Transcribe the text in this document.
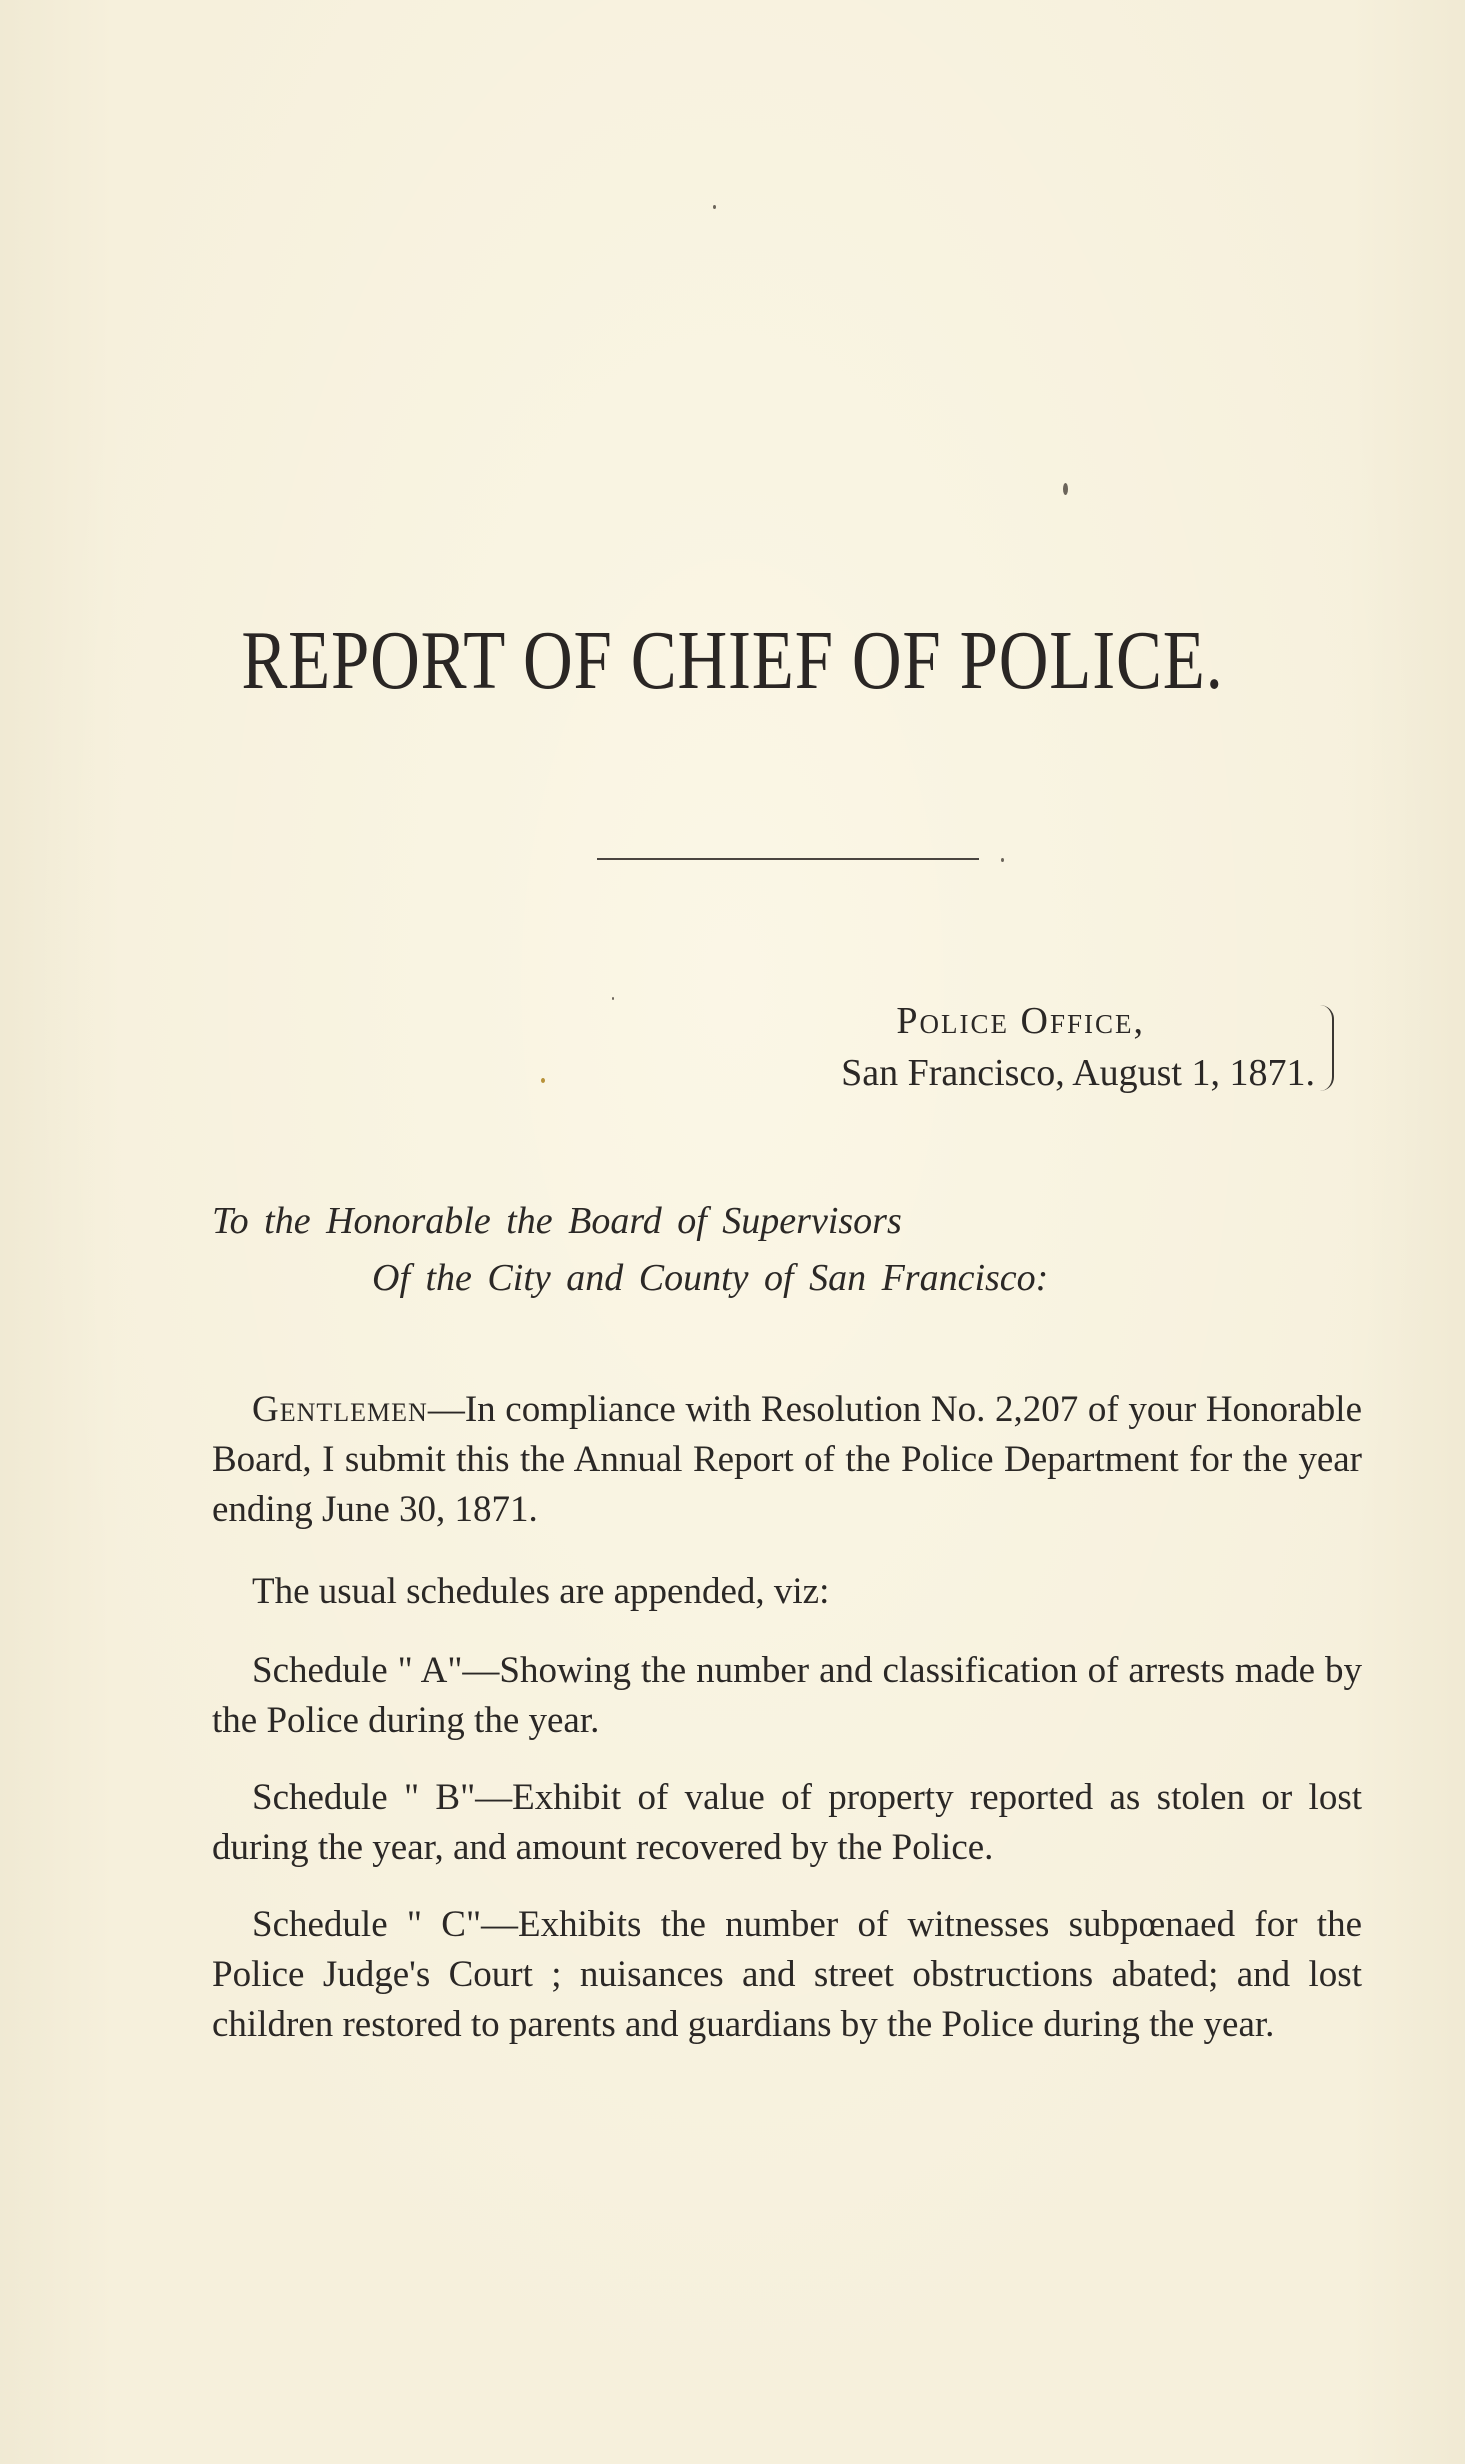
REPORT OF CHIEF OF POLICE.
Police Office,
San Francisco, August 1, 1871.
To the Honorable the Board of Supervisors
Of the City and County of San Francisco:

Gentlemen—In compliance with Resolution No. 2,207 of your Honorable Board, I submit this the Annual Report of the Police Department for the year ending June 30, 1871.

The usual schedules are appended, viz:

Schedule " A"—Showing the number and classification of arrests made by the Police during the year.

Schedule " B"—Exhibit of value of property reported as stolen or lost during the year, and amount recovered by the Police.

Schedule " C"—Exhibits the number of witnesses subpœnaed for the Police Judge's Court ; nuisances and street obstructions abated; and lost children restored to parents and guardians by the Police during the year.
